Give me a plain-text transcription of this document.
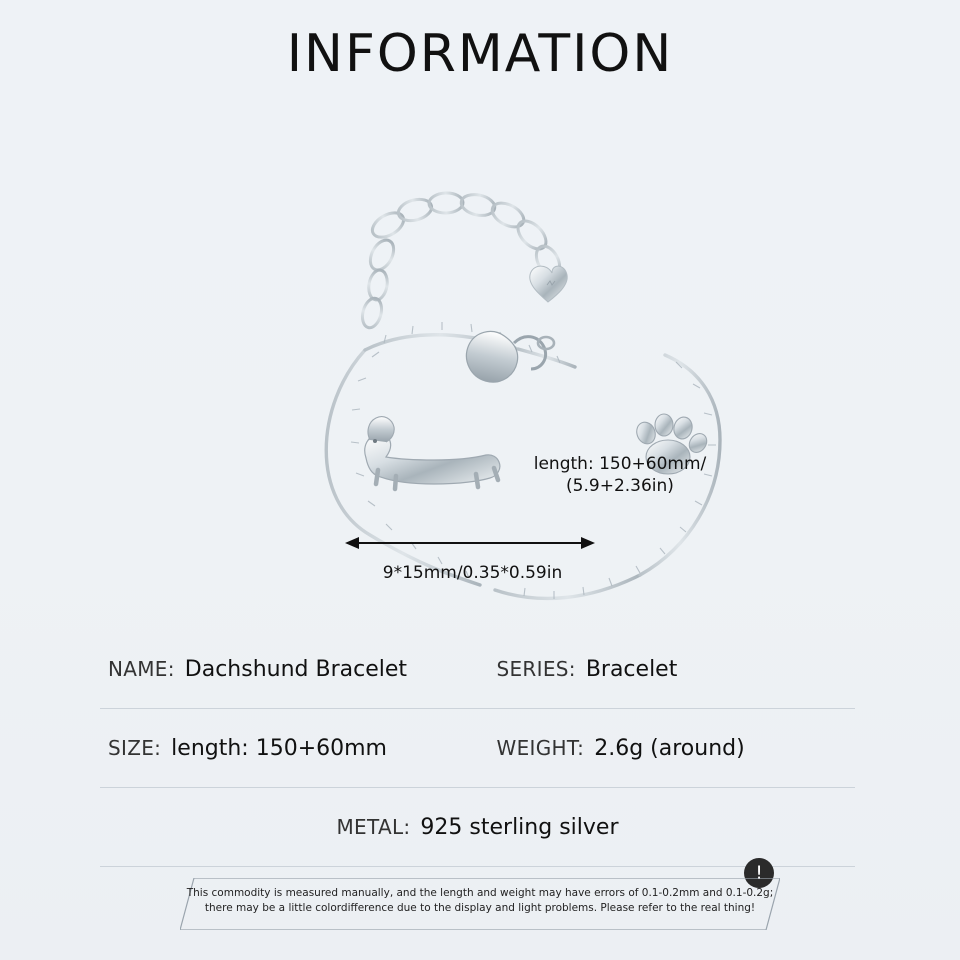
INFORMATION
length: 150+60mm/
(5.9+2.36in)
9*15mm/0.35*0.59in
NAME: Dachshund Bracelet	SERIES: Bracelet
SIZE: length: 150+60mm	WEIGHT: 2.6g (around)
METAL: 925 sterling silver
!
This commodity is measured manually, and the length and weight may have errors of 0.1-0.2mm and 0.1-0.2g;
there may be a little colordifference due to the display and light problems. Please refer to the real thing!
